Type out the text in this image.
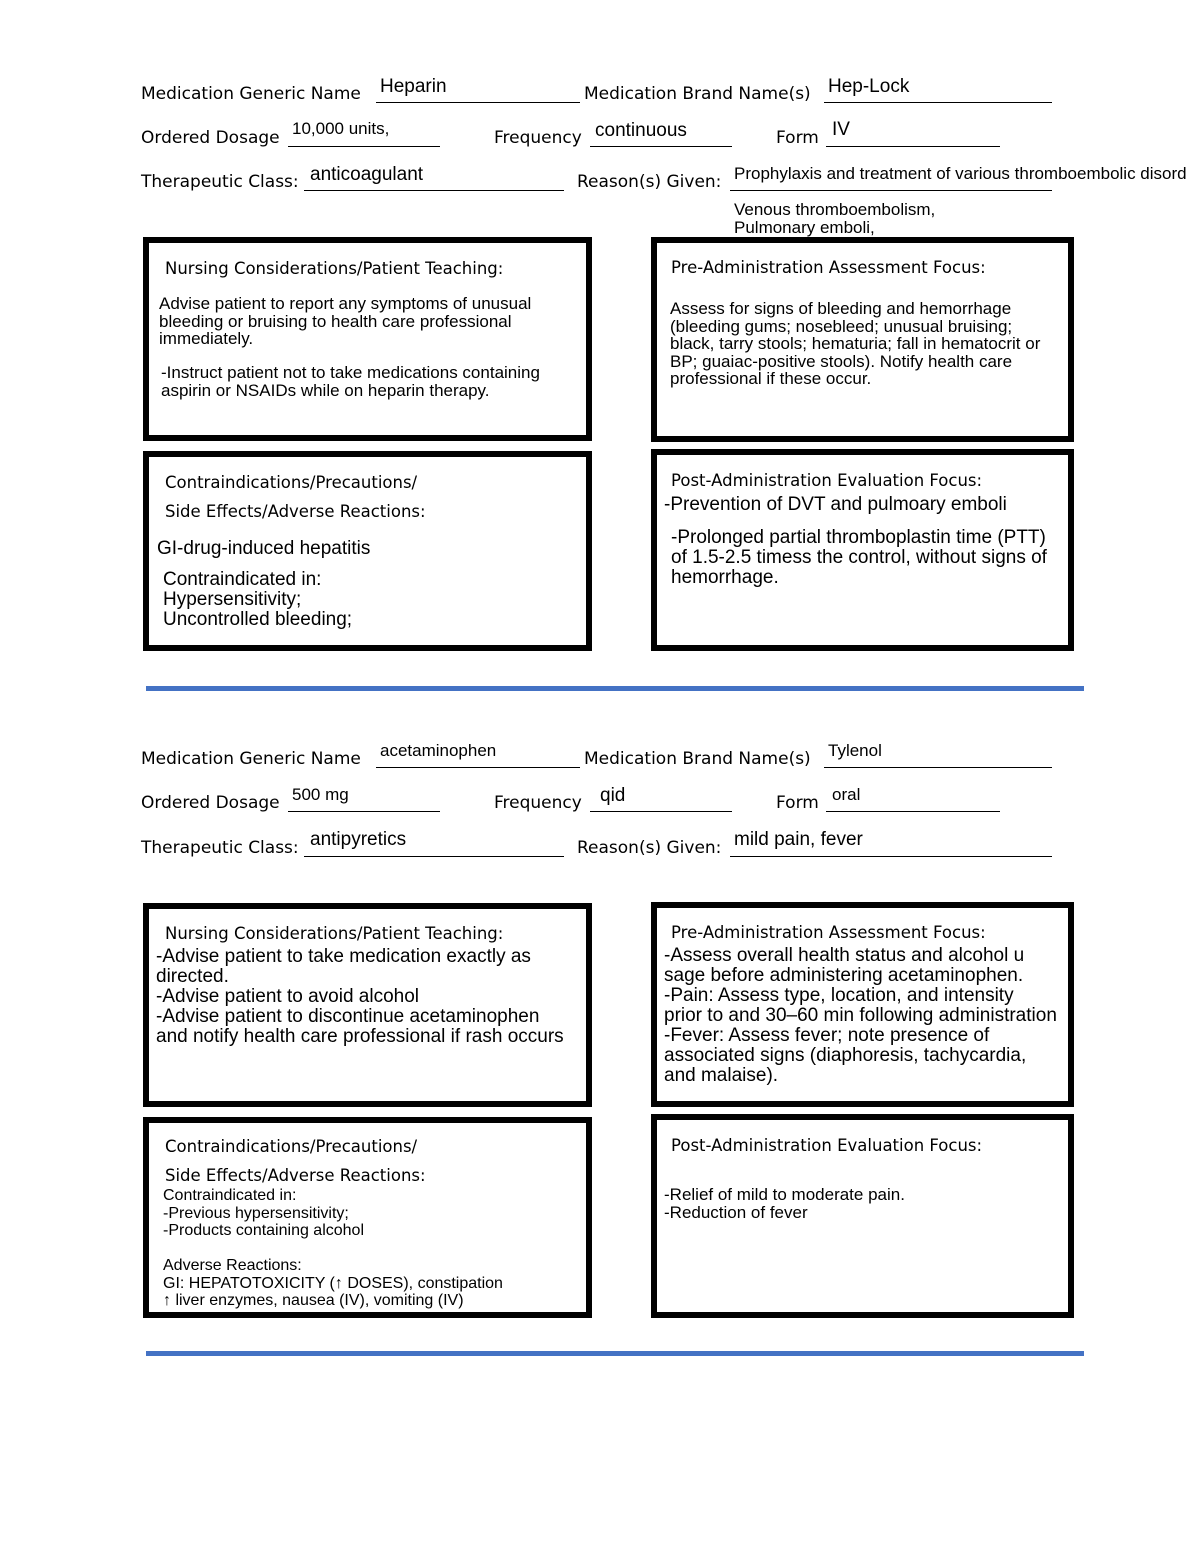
Medication Generic Name Heparin	Medication Brand Name(s) Hep-Lock
Ordered Dosage 10,000 units,	Frequency continuous	Form IV
Therapeutic Class: anticoagulant	Reason(s) Given: Prophylaxis and treatment of various thromboembolic disord
Venous thromboembolism,
Pulmonary emboli,
Nursing Considerations/Patient Teaching:
Advise patient to report any symptoms of unusual
bleeding or bruising to health care professional
immediately.
-Instruct patient not to take medications containing
aspirin or NSAIDs while on heparin therapy.
Pre-Administration Assessment Focus:
Assess for signs of bleeding and hemorrhage
(bleeding gums; nosebleed; unusual bruising;
black, tarry stools; hematuria; fall in hematocrit or
BP; guaiac-positive stools). Notify health care
professional if these occur.
Contraindications/Precautions/
Side Effects/Adverse Reactions:
GI-drug-induced hepatitis
Contraindicated in:
Hypersensitivity;
Uncontrolled bleeding;
Post-Administration Evaluation Focus:
-Prevention of DVT and pulmoary emboli
-Prolonged partial thromboplastin time (PTT)
of 1.5-2.5 timess the control, without signs of
hemorrhage.
Medication Generic Name acetaminophen	Medication Brand Name(s) Tylenol
Ordered Dosage 500 mg	Frequency qid	Form oral
Therapeutic Class: antipyretics	Reason(s) Given: mild pain, fever
Nursing Considerations/Patient Teaching:
-Advise patient to take medication exactly as
directed.
-Advise patient to avoid alcohol
-Advise patient to discontinue acetaminophen
and notify health care professional if rash occurs
Pre-Administration Assessment Focus:
-Assess overall health status and alcohol u
sage before administering acetaminophen.
-Pain: Assess type, location, and intensity
prior to and 30–60 min following administration
-Fever: Assess fever; note presence of
associated signs (diaphoresis, tachycardia,
and malaise).
Contraindications/Precautions/
Side Effects/Adverse Reactions:
Contraindicated in:
-Previous hypersensitivity;
-Products containing alcohol

Adverse Reactions:
GI: HEPATOTOXICITY (↑ DOSES), constipation
↑ liver enzymes, nausea (IV), vomiting (IV)
Post-Administration Evaluation Focus:
-Relief of mild to moderate pain.
-Reduction of fever
